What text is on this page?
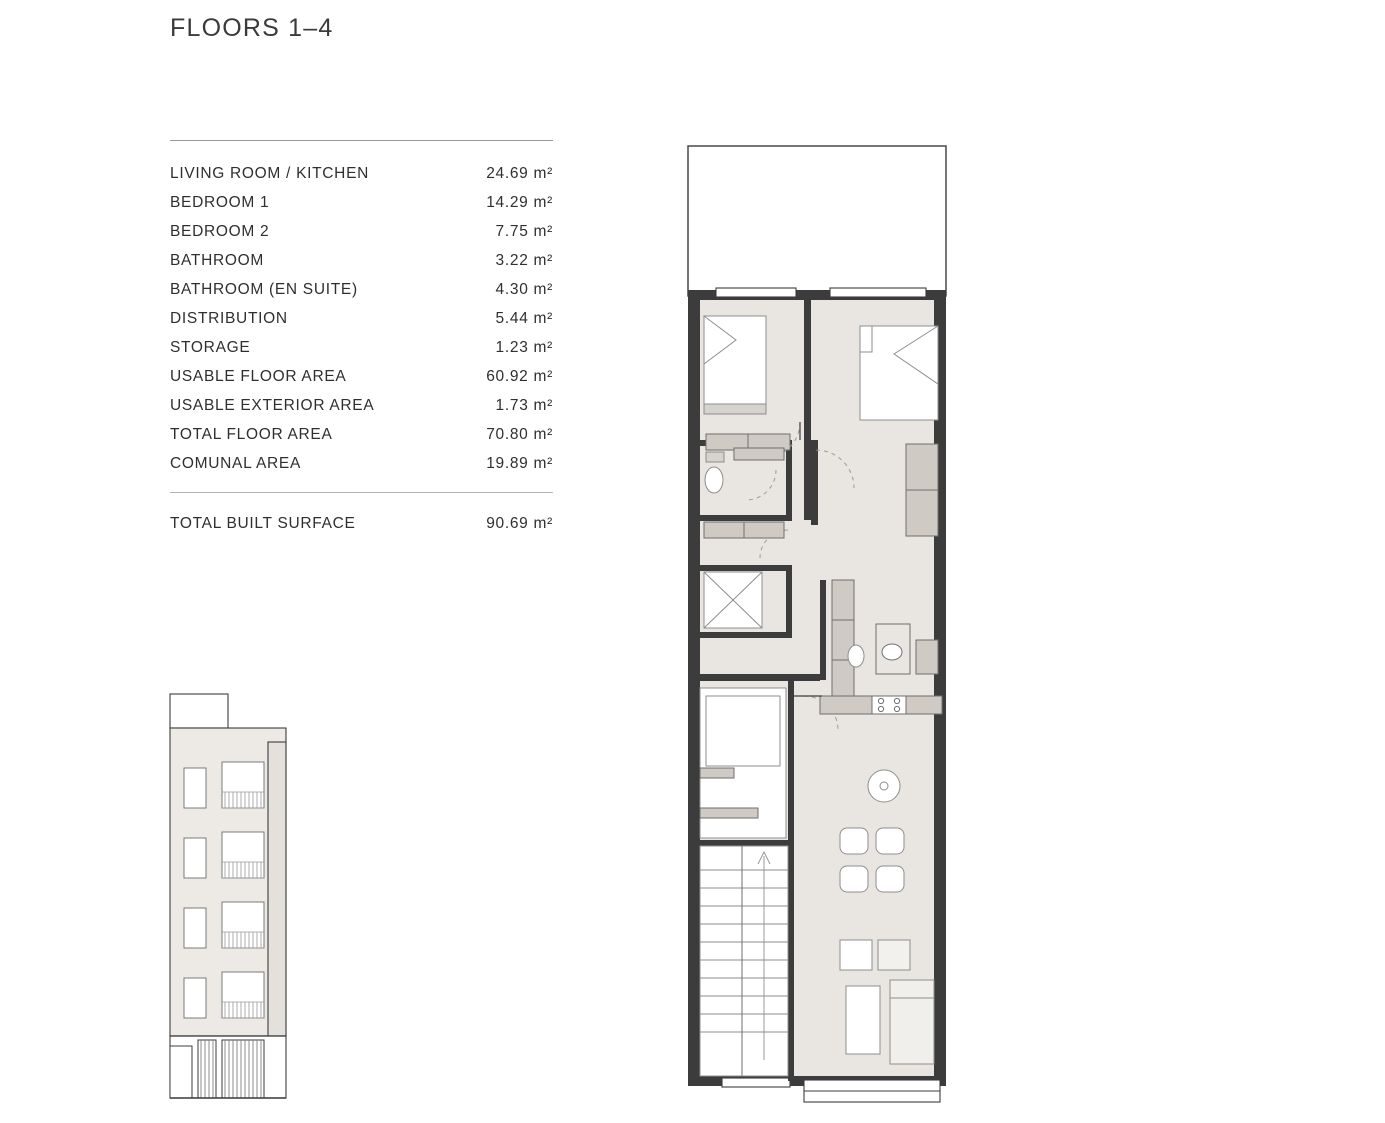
FLOORS 1–4
LIVING ROOM / KITCHEN	24.69 m²
BEDROOM 1	14.29 m²
BEDROOM 2	7.75 m²
BATHROOM	3.22 m²
BATHROOM (EN SUITE)	4.30 m²
DISTRIBUTION	5.44 m²
STORAGE	1.23 m²
USABLE FLOOR AREA	60.92 m²
USABLE EXTERIOR AREA	1.73 m²
TOTAL FLOOR AREA	70.80 m²
COMUNAL AREA	19.89 m²
TOTAL BUILT SURFACE	90.69 m²
